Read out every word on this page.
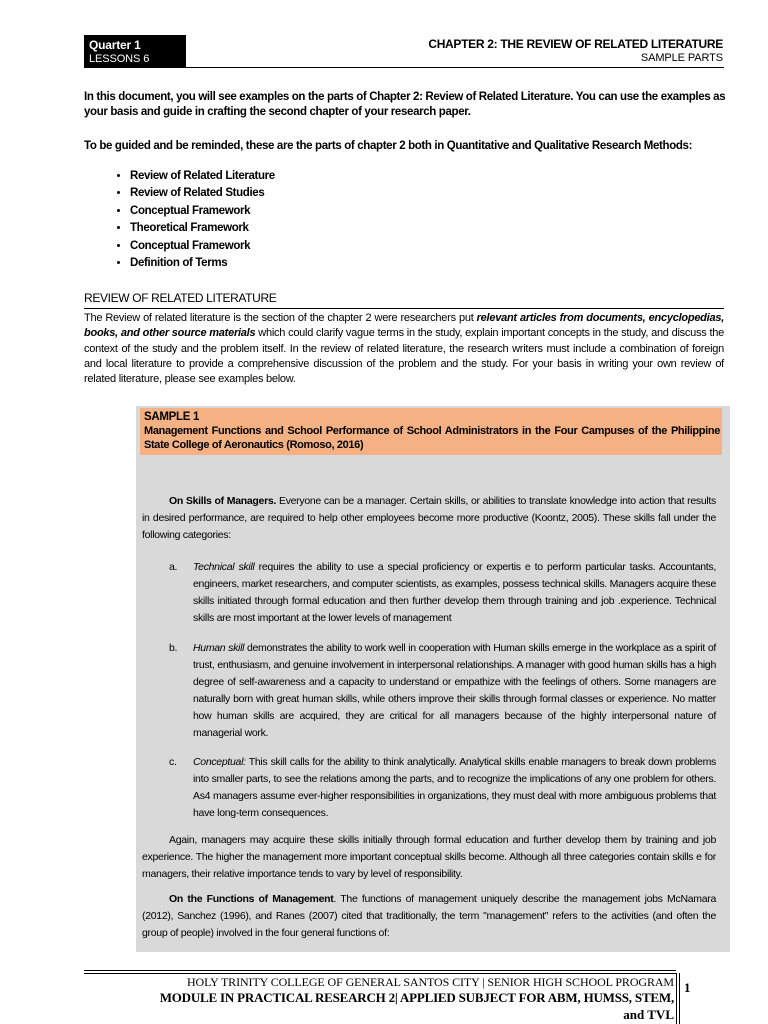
Quarter 1
LESSONS 6
CHAPTER 2: THE REVIEW OF RELATED LITERATURE
SAMPLE PARTS
In this document, you will see examples on the parts of Chapter 2: Review of Related Literature. You can use the examples as your basis and guide in crafting the second chapter of your research paper.
To be guided and be reminded, these are the parts of chapter 2 both in Quantitative and Qualitative Research Methods:
• Review of Related Literature
• Review of Related Studies
• Conceptual Framework
• Theoretical Framework
• Conceptual Framework
• Definition of Terms
REVIEW OF RELATED LITERATURE
The Review of related literature is the section of the chapter 2 were researchers put relevant articles from documents, encyclopedias, books, and other source materials which could clarify vague terms in the study, explain important concepts in the study, and discuss the context of the study and the problem itself. In the review of related literature, the research writers must include a combination of foreign and local literature to provide a comprehensive discussion of the problem and the study. For your basis in writing your own review of related literature, please see examples below.
SAMPLE 1
Management Functions and School Performance of School Administrators in the Four Campuses of the Philippine State College of Aeronautics (Romoso, 2016)
On Skills of Managers. Everyone can be a manager. Certain skills, or abilities to translate knowledge into action that results in desired performance, are required to help other employees become more productive (Koontz, 2005). These skills fall under the following categories:
a. Technical skill requires the ability to use a special proficiency or expertis e to perform particular tasks. Accountants, engineers, market researchers, and computer scientists, as examples, possess technical skills. Managers acquire these skills initiated through formal education and then further develop them through training and job .experience. Technical skills are most important at the lower levels of management
b. Human skill demonstrates the ability to work well in cooperation with Human skills emerge in the workplace as a spirit of trust, enthusiasm, and genuine involvement in interpersonal relationships. A manager with good human skills has a high degree of self-awareness and a capacity to understand or empathize with the feelings of others. Some managers are naturally born with great human skills, while others improve their skills through formal classes or experience. No matter how human skills are acquired, they are critical for all managers because of the highly interpersonal nature of managerial work.
c. Conceptual: This skill calls for the ability to think analytically. Analytical skills enable managers to break down problems into smaller parts, to see the relations among the parts, and to recognize the implications of any one problem for others. As4 managers assume ever-higher responsibilities in organizations, they must deal with more ambiguous problems that have long-term consequences.
Again, managers may acquire these skills initially through formal education and further develop them by training and job experience. The higher the management more important conceptual skills become. Although all three categories contain skills e for managers, their relative importance tends to vary by level of responsibility.
On the Functions of Management. The functions of management uniquely describe the management jobs McNamara (2012), Sanchez (1996), and Ranes (2007) cited that traditionally, the term "management" refers to the activities (and often the group of people) involved in the four general functions of:
HOLY TRINITY COLLEGE OF GENERAL SANTOS CITY | SENIOR HIGH SCHOOL PROGRAM
MODULE IN PRACTICAL RESEARCH 2| APPLIED SUBJECT FOR ABM, HUMSS, STEM,
and TVL
1
